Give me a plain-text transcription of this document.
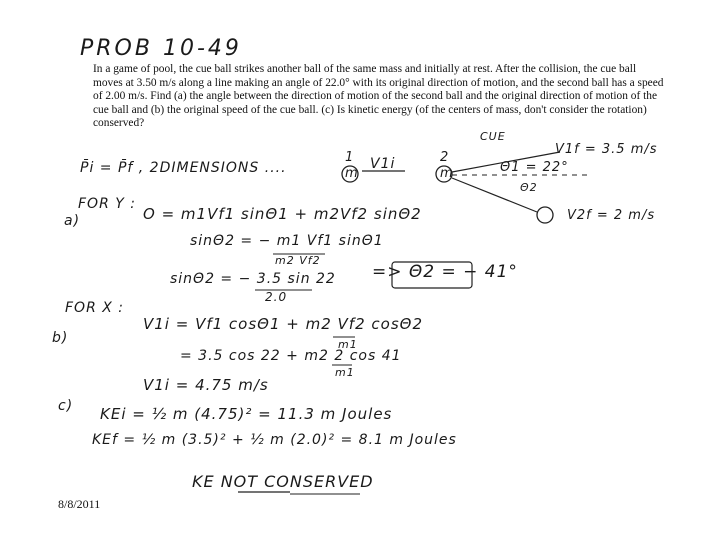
PROB 10-49

In a game of pool, the cue ball strikes another ball of the same mass and initially at rest. After the collision, the cue ball moves at 3.50 m/s along a line making an angle of 22.0° with its original direction of motion, and the second ball has a speed of 2.00 m/s. Find (a) the angle between the direction of motion of the second ball and the original direction of motion of the cue ball and (b) the original speed of the cue ball. (c) Is kinetic energy (of the centers of mass, don't consider the rotation) conserved?

P̄i = P̄f , 2DIMENSIONS ....
1
m
V1i	2
m
CUE
V1f = 3.5 m/s
Θ1 = 22°
Θ2
V2f = 2 m/s
FOR Y :
a)	O = m1Vf1 sinΘ1 + m2Vf2 sinΘ2
sinΘ2 = − m1 Vf1 sinΘ1
m2 Vf2
sinΘ2 = − 3.5 sin 22
2.0
=> Θ2 = − 41°
FOR X :
b)
V1i = Vf1 cosΘ1 + m2 Vf2 cosΘ2
m1
= 3.5 cos 22 + m2 2 cos 41
m1
V1i = 4.75 m/s
c) KEi = ½ m (4.75)² = 11.3 m Joules
KEf = ½ m (3.5)² + ½ m (2.0)² = 8.1 m Joules
KE NOT CONSERVED
8/8/2011
